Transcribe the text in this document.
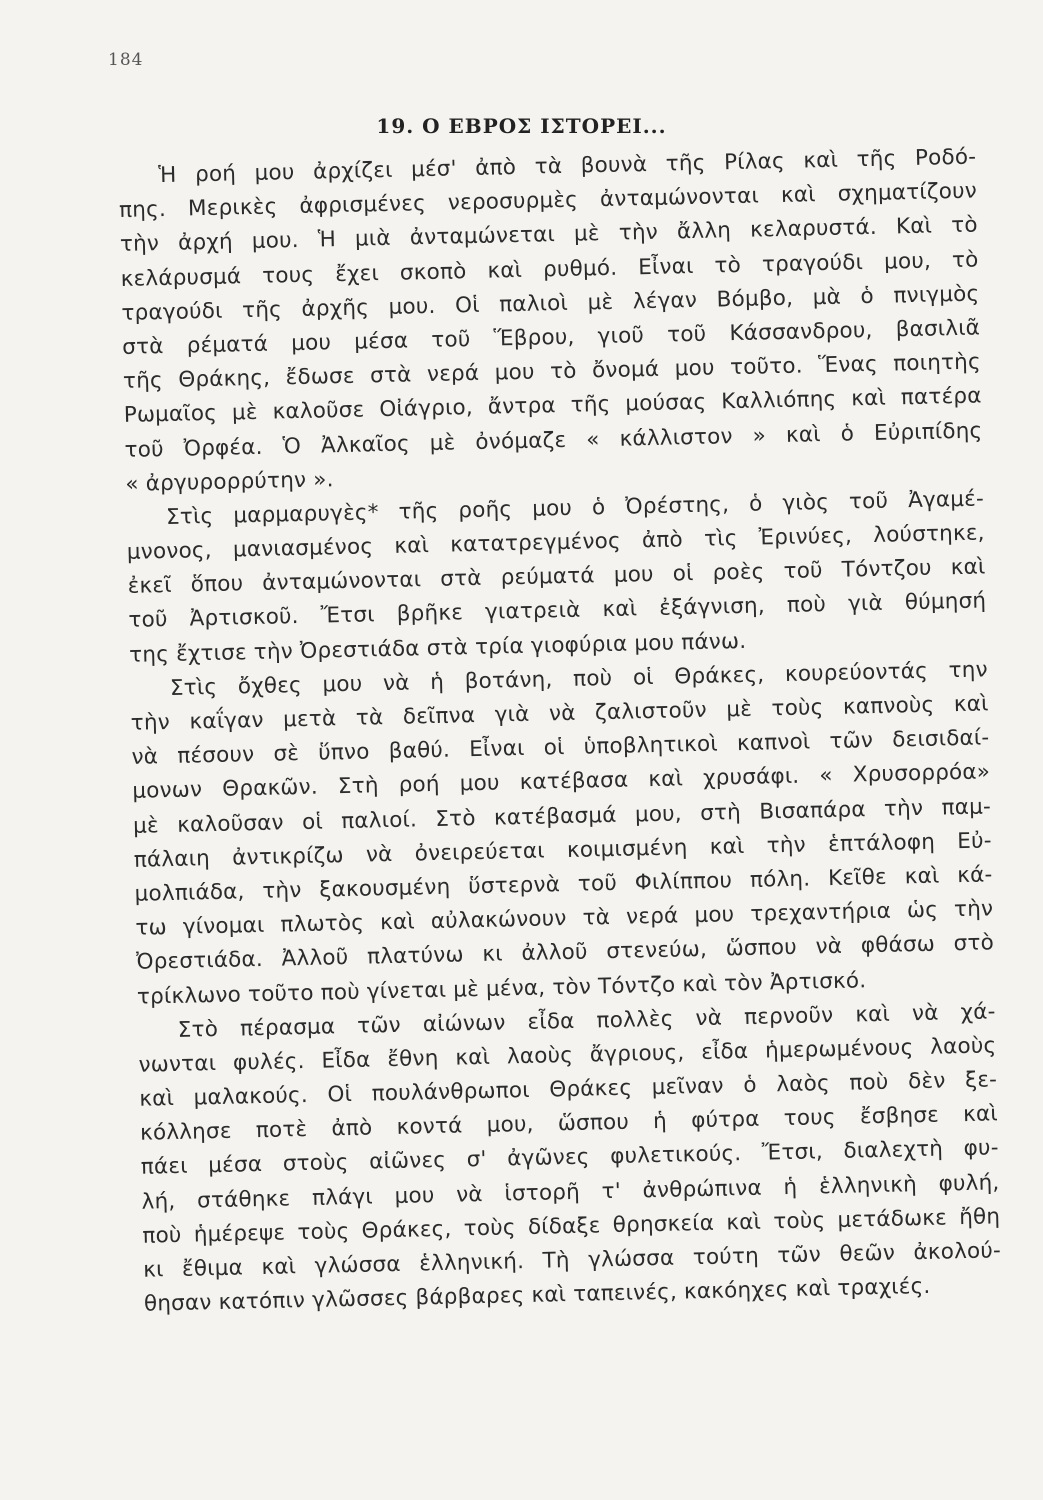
184
19. Ο ΕΒΡΟΣ ΙΣΤΟΡΕΙ...
Ἡ ροή μου ἀρχίζει μέσ' ἀπὸ τὰ βουνὰ τῆς Ρίλας καὶ τῆς Ροδό-
πης. Μερικὲς ἀφρισμένες νεροσυρμὲς ἀνταμώνονται καὶ σχηματίζουν
τὴν ἀρχή μου. Ἡ μιὰ ἀνταμώνεται μὲ τὴν ἄλλη κελαρυστά. Καὶ τὸ
κελάρυσμά τους ἔχει σκοπὸ καὶ ρυθμό. Εἶναι τὸ τραγούδι μου, τὸ
τραγούδι τῆς ἀρχῆς μου. Οἱ παλιοὶ μὲ λέγαν Βόμβο, μὰ ὁ πνιγμὸς
στὰ ρέματά μου μέσα τοῦ Ἕβρου, γιοῦ τοῦ Κάσσανδρου, βασιλιᾶ
τῆς Θράκης, ἔδωσε στὰ νερά μου τὸ ὄνομά μου τοῦτο. Ἕνας ποιητὴς
Ρωμαῖος μὲ καλοῦσε Οἰάγριο, ἄντρα τῆς μούσας Καλλιόπης καὶ πατέρα
τοῦ Ὀρφέα. Ὁ Ἀλκαῖος μὲ ὀνόμαζε « κάλλιστον » καὶ ὁ Εὐριπίδης
« ἀργυρορρύτην ».
Στὶς μαρμαρυγὲς* τῆς ροῆς μου ὁ Ὀρέστης, ὁ γιὸς τοῦ Ἀγαμέ-
μνονος, μανιασμένος καὶ κατατρεγμένος ἀπὸ τὶς Ἐρινύες, λούστηκε,
ἐκεῖ ὅπου ἀνταμώνονται στὰ ρεύματά μου οἱ ροὲς τοῦ Τόντζου καὶ
τοῦ Ἀρτισκοῦ. Ἔτσι βρῆκε γιατρειὰ καὶ ἐξάγνιση, ποὺ γιὰ θύμησή
της ἔχτισε τὴν Ὀρεστιάδα στὰ τρία γιοφύρια μου πάνω.
Στὶς ὄχθες μου νὰ ἡ βοτάνη, ποὺ οἱ Θράκες, κουρεύοντάς την
τὴν καΐγαν μετὰ τὰ δεῖπνα γιὰ νὰ ζαλιστοῦν μὲ τοὺς καπνοὺς καὶ
νὰ πέσουν σὲ ὕπνο βαθύ. Εἶναι οἱ ὑποβλητικοὶ καπνοὶ τῶν δεισιδαί-
μονων Θρακῶν. Στὴ ροή μου κατέβασα καὶ χρυσάφι. « Χρυσορρόα»
μὲ καλοῦσαν οἱ παλιοί. Στὸ κατέβασμά μου, στὴ Βισαπάρα τὴν παμ-
πάλαιη ἀντικρίζω νὰ ὀνειρεύεται κοιμισμένη καὶ τὴν ἑπτάλοφη Εὐ-
μολπιάδα, τὴν ξακουσμένη ὕστερνὰ τοῦ Φιλίππου πόλη. Κεῖθε καὶ κά-
τω γίνομαι πλωτὸς καὶ αὐλακώνουν τὰ νερά μου τρεχαντήρια ὡς τὴν
Ὀρεστιάδα. Ἀλλοῦ πλατύνω κι ἀλλοῦ στενεύω, ὥσπου νὰ φθάσω στὸ
τρίκλωνο τοῦτο ποὺ γίνεται μὲ μένα, τὸν Τόντζο καὶ τὸν Ἀρτισκό.
Στὸ πέρασμα τῶν αἰώνων εἶδα πολλὲς νὰ περνοῦν καὶ νὰ χά-
νωνται φυλές. Εἶδα ἔθνη καὶ λαοὺς ἄγριους, εἶδα ἡμερωμένους λαοὺς
καὶ μαλακούς. Οἱ πουλάνθρωποι Θράκες μεῖναν ὁ λαὸς ποὺ δὲν ξε-
κόλλησε ποτὲ ἀπὸ κοντά μου, ὥσπου ἡ φύτρα τους ἔσβησε καὶ
πάει μέσα στοὺς αἰῶνες σ' ἀγῶνες φυλετικούς. Ἔτσι, διαλεχτὴ φυ-
λή, στάθηκε πλάγι μου νὰ ἱστορῆ τ' ἀνθρώπινα ἡ ἑλληνικὴ φυλή,
ποὺ ἡμέρεψε τοὺς Θράκες, τοὺς δίδαξε θρησκεία καὶ τοὺς μετάδωκε ἤθη
κι ἔθιμα καὶ γλώσσα ἑλληνική. Τὴ γλώσσα τούτη τῶν θεῶν ἀκολού-
θησαν κατόπιν γλῶσσες βάρβαρες καὶ ταπεινές, κακόηχες καὶ τραχιές.
